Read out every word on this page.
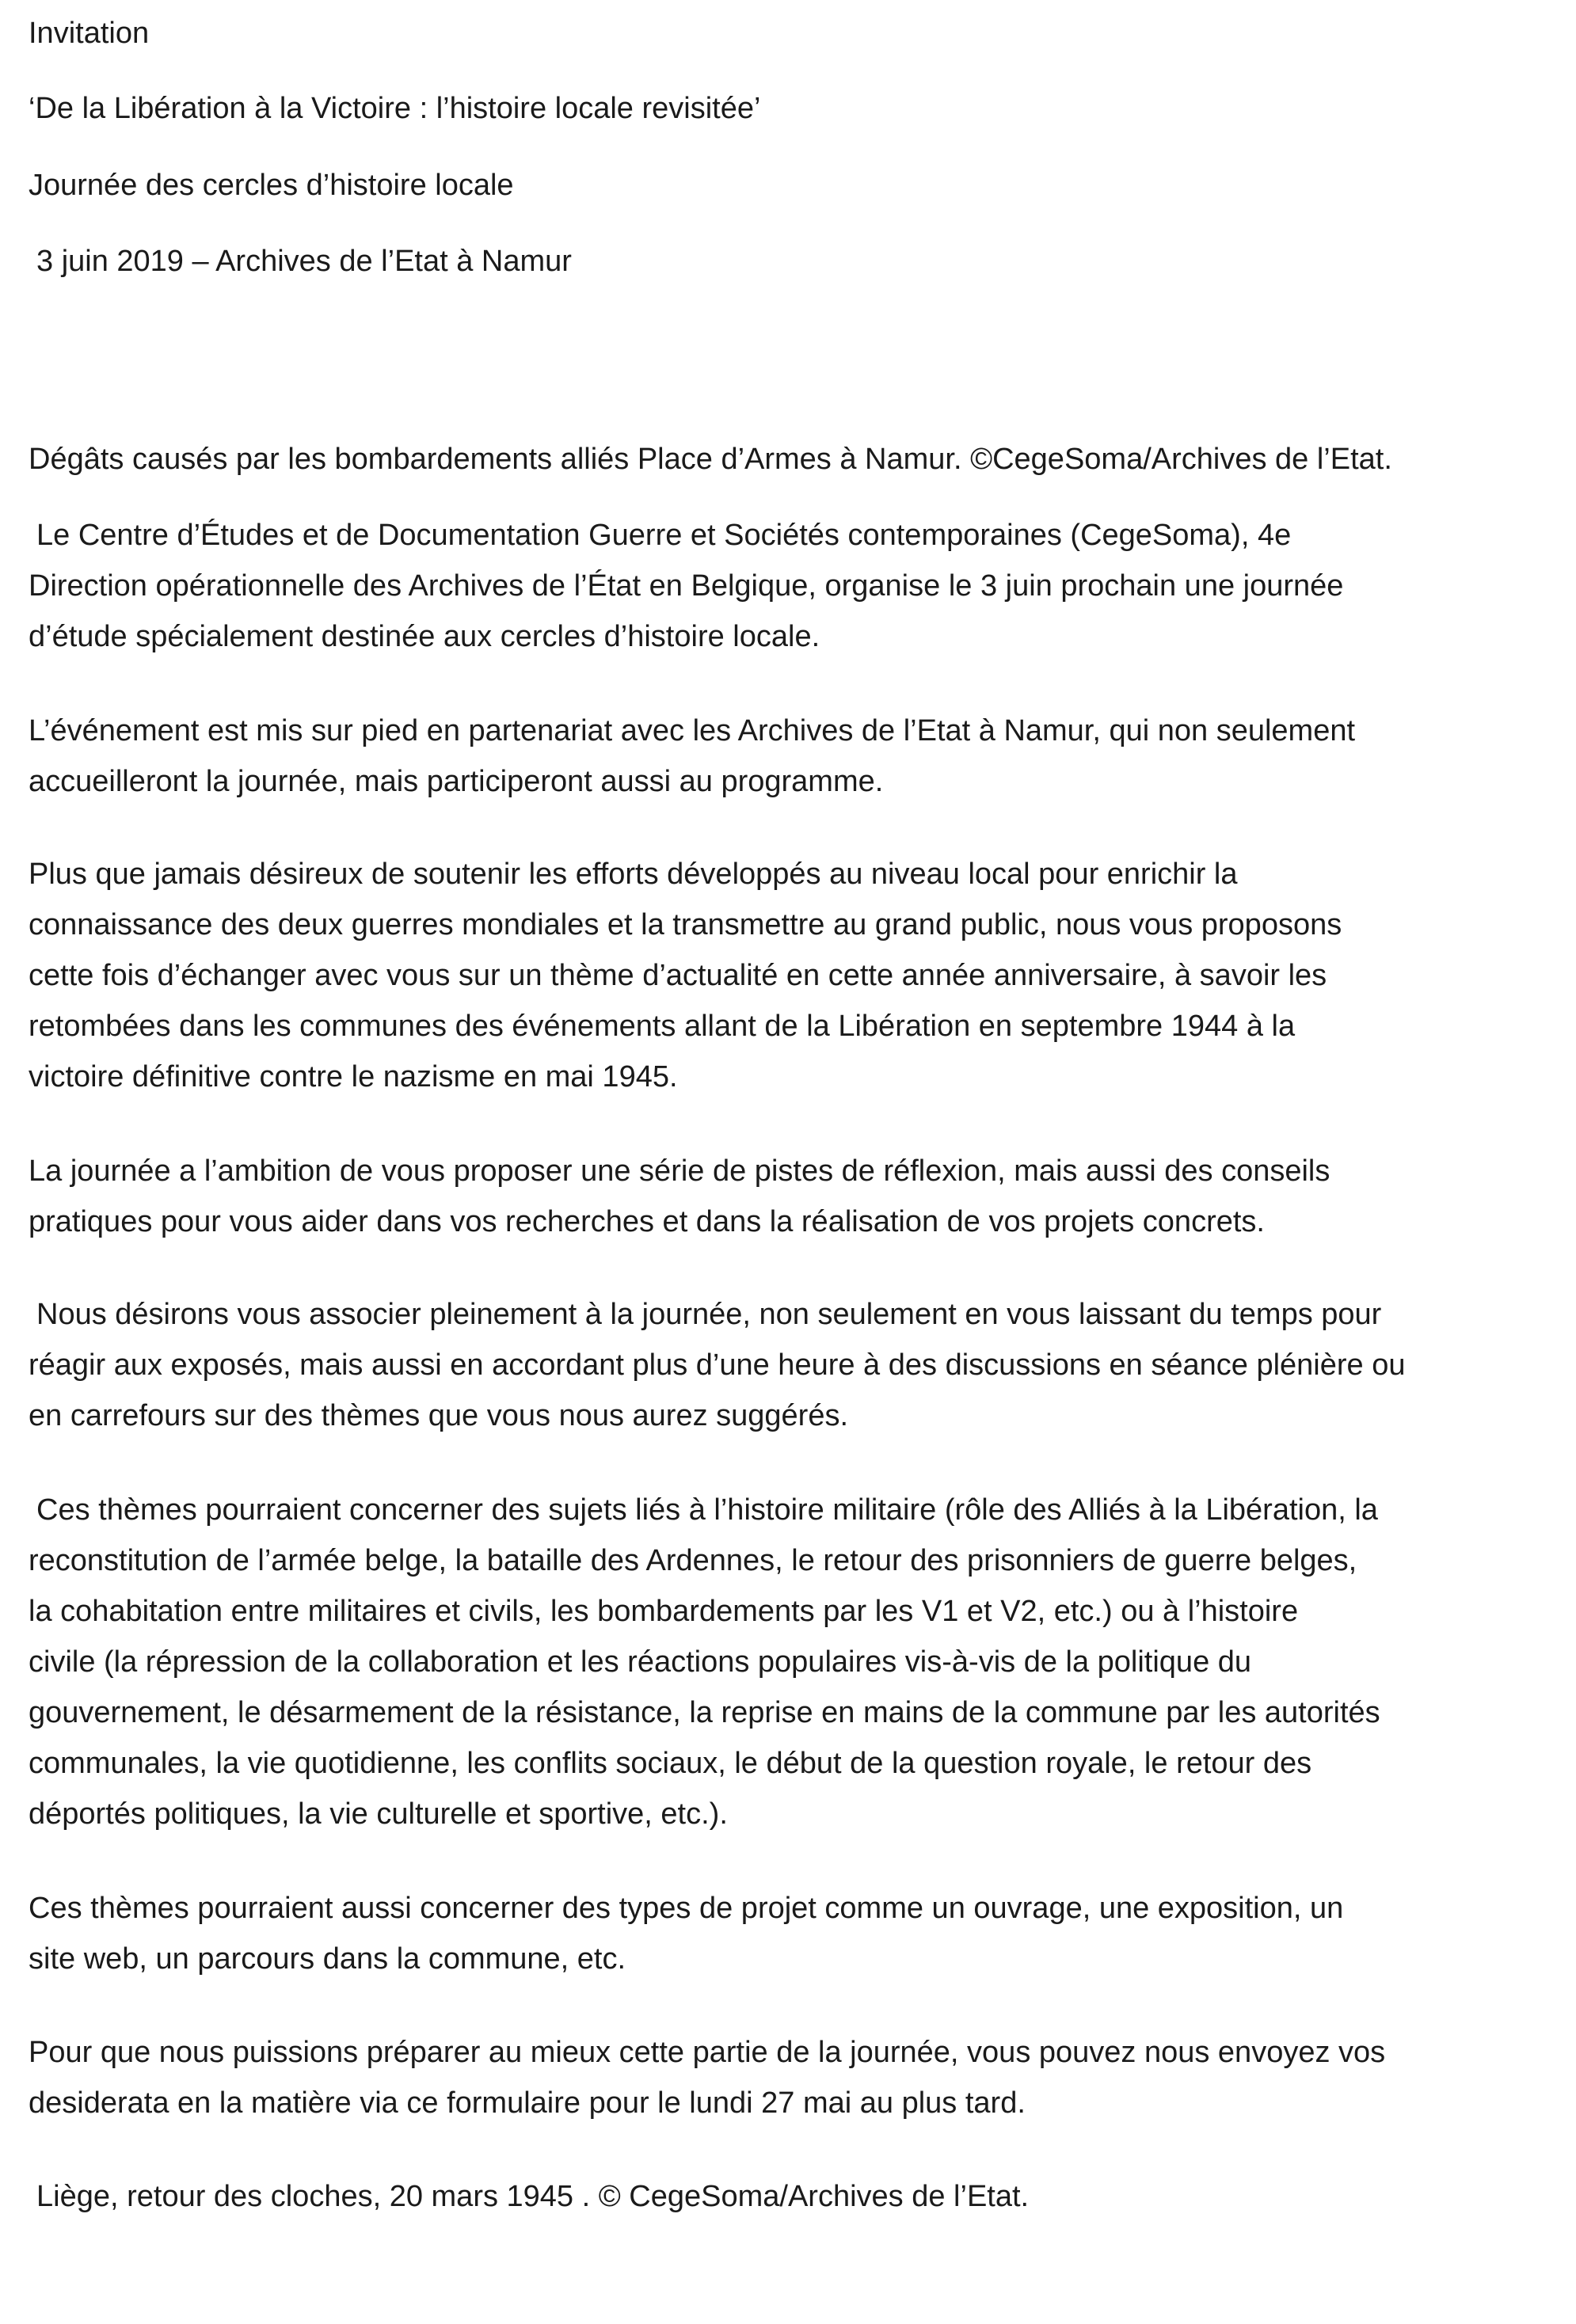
Invitation

‘De la Libération à la Victoire : l’histoire locale revisitée’

Journée des cercles d’histoire locale

3 juin 2019 – Archives de l’Etat à Namur

Dégâts causés par les bombardements alliés Place d’Armes à Namur. ©CegeSoma/Archives de l’Etat.

Le Centre d’Études et de Documentation Guerre et Sociétés contemporaines (CegeSoma), 4e

Direction opérationnelle des Archives de l’État en Belgique, organise le 3 juin prochain une journée

d’étude spécialement destinée aux cercles d’histoire locale.

L’événement est mis sur pied en partenariat avec les Archives de l’Etat à Namur, qui non seulement

accueilleront la journée, mais participeront aussi au programme.

Plus que jamais désireux de soutenir les efforts développés au niveau local pour enrichir la

connaissance des deux guerres mondiales et la transmettre au grand public, nous vous proposons

cette fois d’échanger avec vous sur un thème d’actualité en cette année anniversaire, à savoir les

retombées dans les communes des événements allant de la Libération en septembre 1944 à la

victoire définitive contre le nazisme en mai 1945.

La journée a l’ambition de vous proposer une série de pistes de réflexion, mais aussi des conseils

pratiques pour vous aider dans vos recherches et dans la réalisation de vos projets concrets.

Nous désirons vous associer pleinement à la journée, non seulement en vous laissant du temps pour

réagir aux exposés, mais aussi en accordant plus d’une heure à des discussions en séance plénière ou

en carrefours sur des thèmes que vous nous aurez suggérés.

Ces thèmes pourraient concerner des sujets liés à l’histoire militaire (rôle des Alliés à la Libération, la

reconstitution de l’armée belge, la bataille des Ardennes, le retour des prisonniers de guerre belges,

la cohabitation entre militaires et civils, les bombardements par les V1 et V2, etc.) ou à l’histoire

civile (la répression de la collaboration et les réactions populaires vis-à-vis de la politique du

gouvernement, le désarmement de la résistance, la reprise en mains de la commune par les autorités

communales, la vie quotidienne, les conflits sociaux, le début de la question royale, le retour des

déportés politiques, la vie culturelle et sportive, etc.).

Ces thèmes pourraient aussi concerner des types de projet comme un ouvrage, une exposition, un

site web, un parcours dans la commune, etc.

Pour que nous puissions préparer au mieux cette partie de la journée, vous pouvez nous envoyez vos

desiderata en la matière via ce formulaire pour le lundi 27 mai au plus tard.

Liège, retour des cloches, 20 mars 1945 . © CegeSoma/Archives de l’Etat.
